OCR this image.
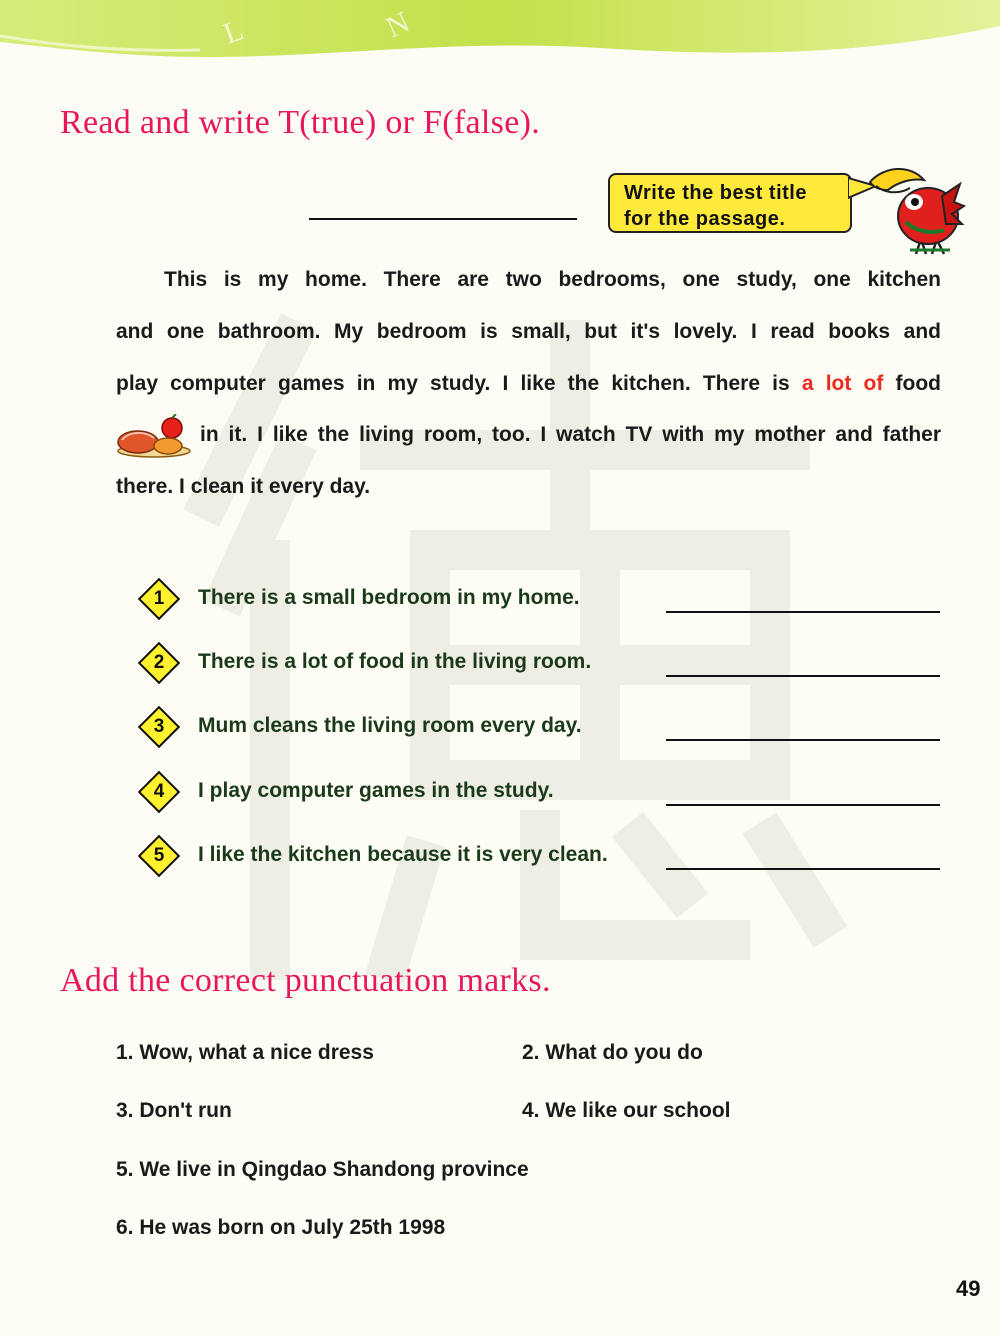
L	N
Read and write T(true) or F(false).
Write the best title
for the passage.
This is my home. There are two bedrooms, one study, one kitchen
and one bathroom. My bedroom is small, but it's lovely. I read books and
play computer games in my study. I like the kitchen. There is a lot of food
in it. I like the living room, too. I watch TV with my mother and father
there. I clean it every day.
1	There is a small bedroom in my home.
2	There is a lot of food in the living room.
3	Mum cleans the living room every day.
4	I play computer games in the study.
5	I like the kitchen because it is very clean.
Add the correct punctuation marks.
1. Wow, what a nice dress	2. What do you do
3. Don't run	4. We like our school
5. We live in Qingdao Shandong province
6. He was born on July 25th 1998
49
